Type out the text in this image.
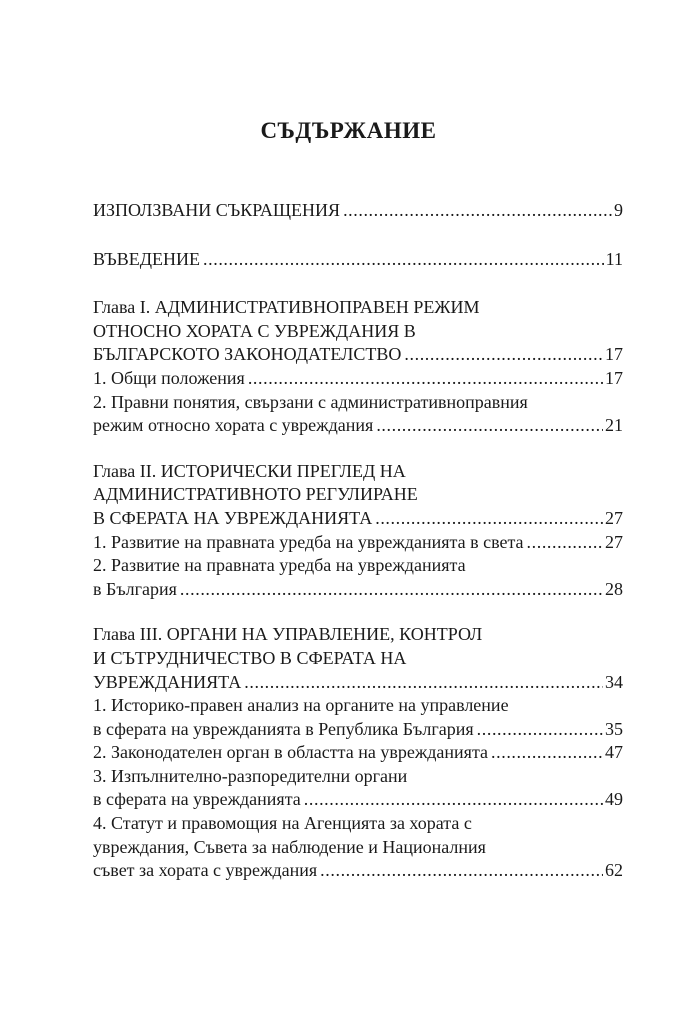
СЪДЪРЖАНИЕ
ИЗПОЛЗВАНИ СЪКРАЩЕНИЯ .....	9
ВЪВЕДЕНИЕ .....	11
Глава I. АДМИНИСТРАТИВНОПРАВЕН РЕЖИМ
ОТНОСНО ХОРАТА С УВРЕЖДАНИЯ В
БЪЛГАРСКОТО ЗАКОНОДАТЕЛСТВО .....	17
1. Общи положения .....	17
2. Правни понятия, свързани с административноправния
режим относно хората с увреждания .....	21
Глава II. ИСТОРИЧЕСКИ ПРЕГЛЕД НА
АДМИНИСТРАТИВНОТО РЕГУЛИРАНЕ
В СФЕРАТА НА УВРЕЖДАНИЯТА .....	27
1. Развитие на правната уредба на уврежданията в света .....	27
2. Развитие на правната уредба на уврежданията
в България .....	28
Глава III. ОРГАНИ НА УПРАВЛЕНИЕ, КОНТРОЛ
И СЪТРУДНИЧЕСТВО В СФЕРАТА НА
УВРЕЖДАНИЯТА .....	34
1. Историко-правен анализ на органите на управление
в сферата на уврежданията в Република България .....	35
2. Законодателен орган в областта на уврежданията .....	47
3. Изпълнително-разпоредителни органи
в сферата на уврежданията .....	49
4. Статут и правомощия на Агенцията за хората с
увреждания, Съвета за наблюдение и Националния
съвет за хората с увреждания .....	62
